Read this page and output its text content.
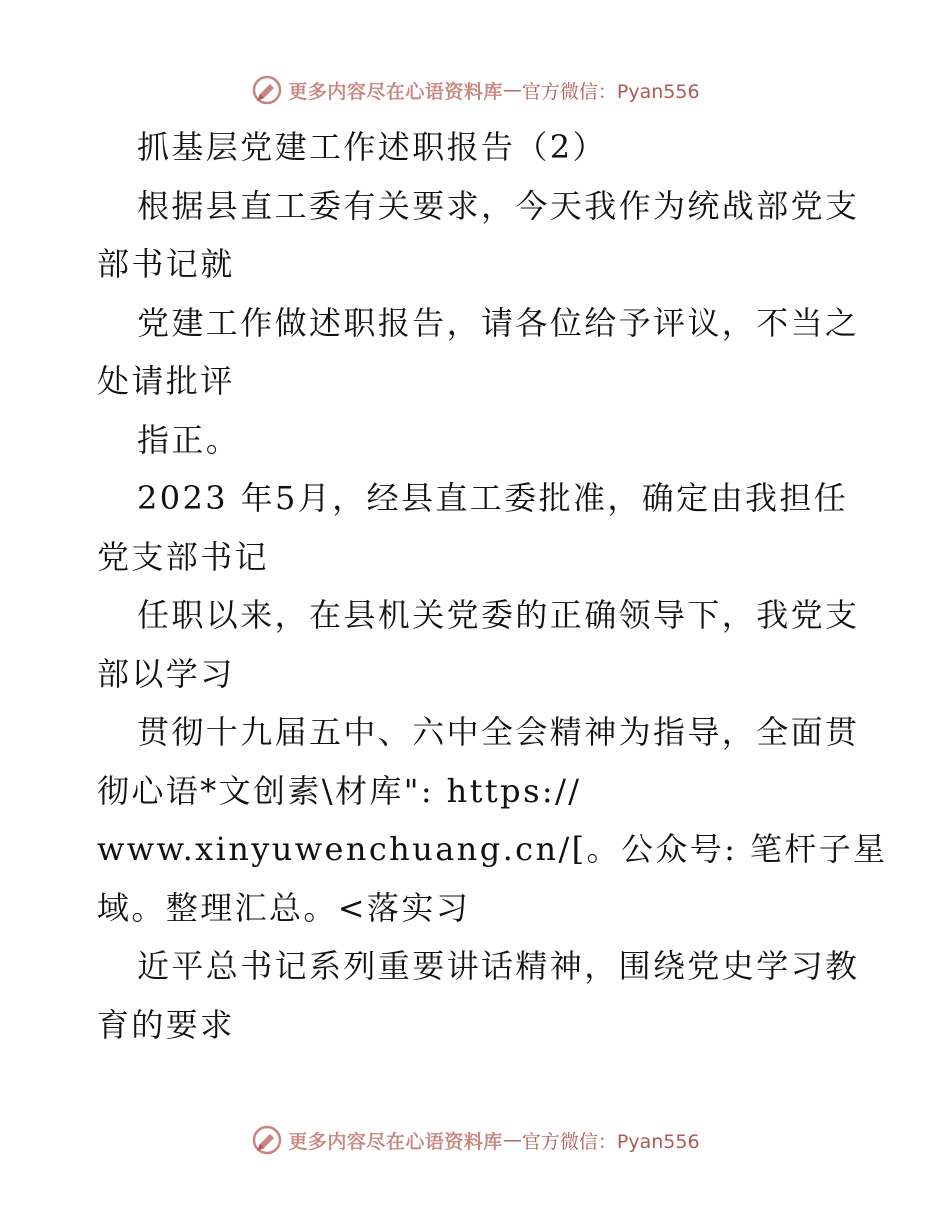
更多内容尽在心语资料库 — 官方微信：Pyan556
抓基层党建工作述职报告（2）
根据县直工委有关要求，今天我作为统战部党支
部书记就
党建工作做述职报告，请各位给予评议，不当之
处请批评
指正。
2023 年5月，经县直工委批准，确定由我担任
党支部书记
任职以来，在县机关党委的正确领导下，我党支
部以学习
贯彻十九届五中、六中全会精神为指导，全面贯
彻心语*文创素\材库": https://
www.xinyuwenchuang.cn/[。公众号: 笔杆子星
域。整理汇总。<落实习
近平总书记系列重要讲话精神，围绕党史学习教
育的要求
更多内容尽在心语资料库 — 官方微信：Pyan556
